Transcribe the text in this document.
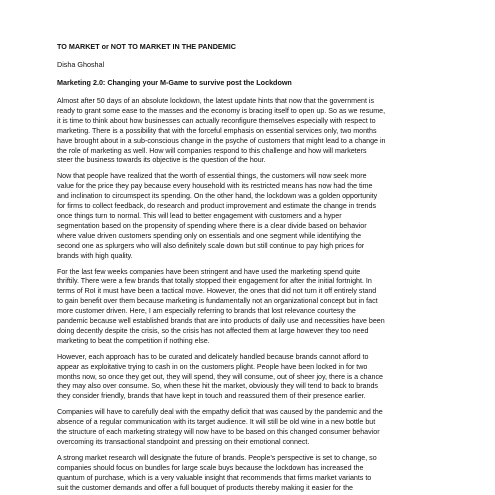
TO MARKET or NOT TO MARKET IN THE PANDEMIC
Disha Ghoshal
Marketing 2.0: Changing your M-Game to survive post the Lockdown
Almost after 50 days of an absolute lockdown, the latest update hints that now that the government is
ready to grant some ease to the masses and the economy is bracing itself to open up. So as we resume,
it is time to think about how businesses can actually reconfigure themselves especially with respect to
marketing. There is a possibility that with the forceful emphasis on essential services only, two months
have brought about in a sub-conscious change in the psyche of customers that might lead to a change in
the role of marketing as well. How will companies respond to this challenge and how will marketers
steer the business towards its objective is the question of the hour.
Now that people have realized that the worth of essential things, the customers will now seek more
value for the price they pay because every household with its restricted means has now had the time
and inclination to circumspect its spending. On the other hand, the lockdown was a golden opportunity
for firms to collect feedback, do research and product improvement and estimate the change in trends
once things turn to normal. This will lead to better engagement with customers and a hyper
segmentation based on the propensity of spending where there is a clear divide based on behavior
where value driven customers spending only on essentials and one segment while identifying the
second one as splurgers who will also definitely scale down but still continue to pay high prices for
brands with high quality.
For the last few weeks companies have been stringent and have used the marketing spend quite
thriftily. There were a few brands that totally stopped their engagement for after the initial fortnight. In
terms of RoI it must have been a tactical move. However, the ones that did not turn it off entirely stand
to gain benefit over them because marketing is fundamentally not an organizational concept but in fact
more customer driven. Here, I am especially referring to brands that lost relevance courtesy the
pandemic because well established brands that are into products of daily use and necessities have been
doing decently despite the crisis, so the crisis has not affected them at large however they too need
marketing to beat the competition if nothing else.
However, each approach has to be curated and delicately handled because brands cannot afford to
appear as exploitative trying to cash in on the customers plight. People have been locked in for two
months now, so once they get out, they will spend, they will consume, out of sheer joy, there is a chance
they may also over consume. So, when these hit the market, obviously they will tend to back to brands
they consider friendly, brands that have kept in touch and reassured them of their presence earlier.
Companies will have to carefully deal with the empathy deficit that was caused by the pandemic and the
absence of a regular communication with its target audience. It will still be old wine in a new bottle but
the structure of each marketing strategy will now have to be based on this changed consumer behavior
overcoming its transactional standpoint and pressing on their emotional connect.
A strong market research will designate the future of brands. People’s perspective is set to change, so
companies should focus on bundles for large scale buys because the lockdown has increased the
quantum of purchase, which is a very valuable insight that recommends that firms market variants to
suit the customer demands and offer a full bouquet of products thereby making it easier for the
